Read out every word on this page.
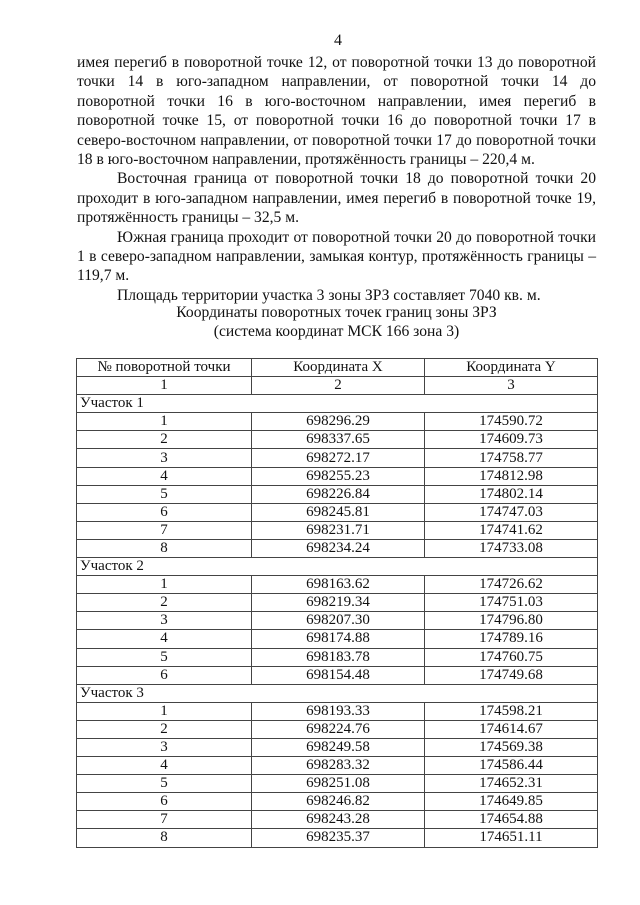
4

имея перегиб в поворотной точке 12, от поворотной точки 13 до поворотной точки 14 в юго-западном направлении, от поворотной точки 14 до поворотной точки 16 в юго-восточном направлении, имея перегиб в поворотной точке 15, от поворотной точки 16 до поворотной точки 17 в северо-восточном направлении, от поворотной точки 17 до поворотной точки 18 в юго-восточном направлении, протяжённость границы – 220,4 м.

Восточная граница от поворотной точки 18 до поворотной точки 20 проходит в юго-западном направлении, имея перегиб в поворотной точке 19, протяжённость границы – 32,5 м.

Южная граница проходит от поворотной точки 20 до поворотной точки 1 в северо-западном направлении, замыкая контур, протяжённость границы – 119,7 м.

Площадь территории участка 3 зоны ЗРЗ составляет 7040 кв. м.

Координаты поворотных точек границ зоны ЗРЗ
(система координат МСК 166 зона 3)
№ поворотной точки	Координата X	Координата Y
1	2	3
Участок 1		
1	698296.29	174590.72
2	698337.65	174609.73
3	698272.17	174758.77
4	698255.23	174812.98
5	698226.84	174802.14
6	698245.81	174747.03
7	698231.71	174741.62
8	698234.24	174733.08
Участок 2		
1	698163.62	174726.62
2	698219.34	174751.03
3	698207.30	174796.80
4	698174.88	174789.16
5	698183.78	174760.75
6	698154.48	174749.68
Участок 3		
1	698193.33	174598.21
2	698224.76	174614.67
3	698249.58	174569.38
4	698283.32	174586.44
5	698251.08	174652.31
6	698246.82	174649.85
7	698243.28	174654.88
8	698235.37	174651.11
